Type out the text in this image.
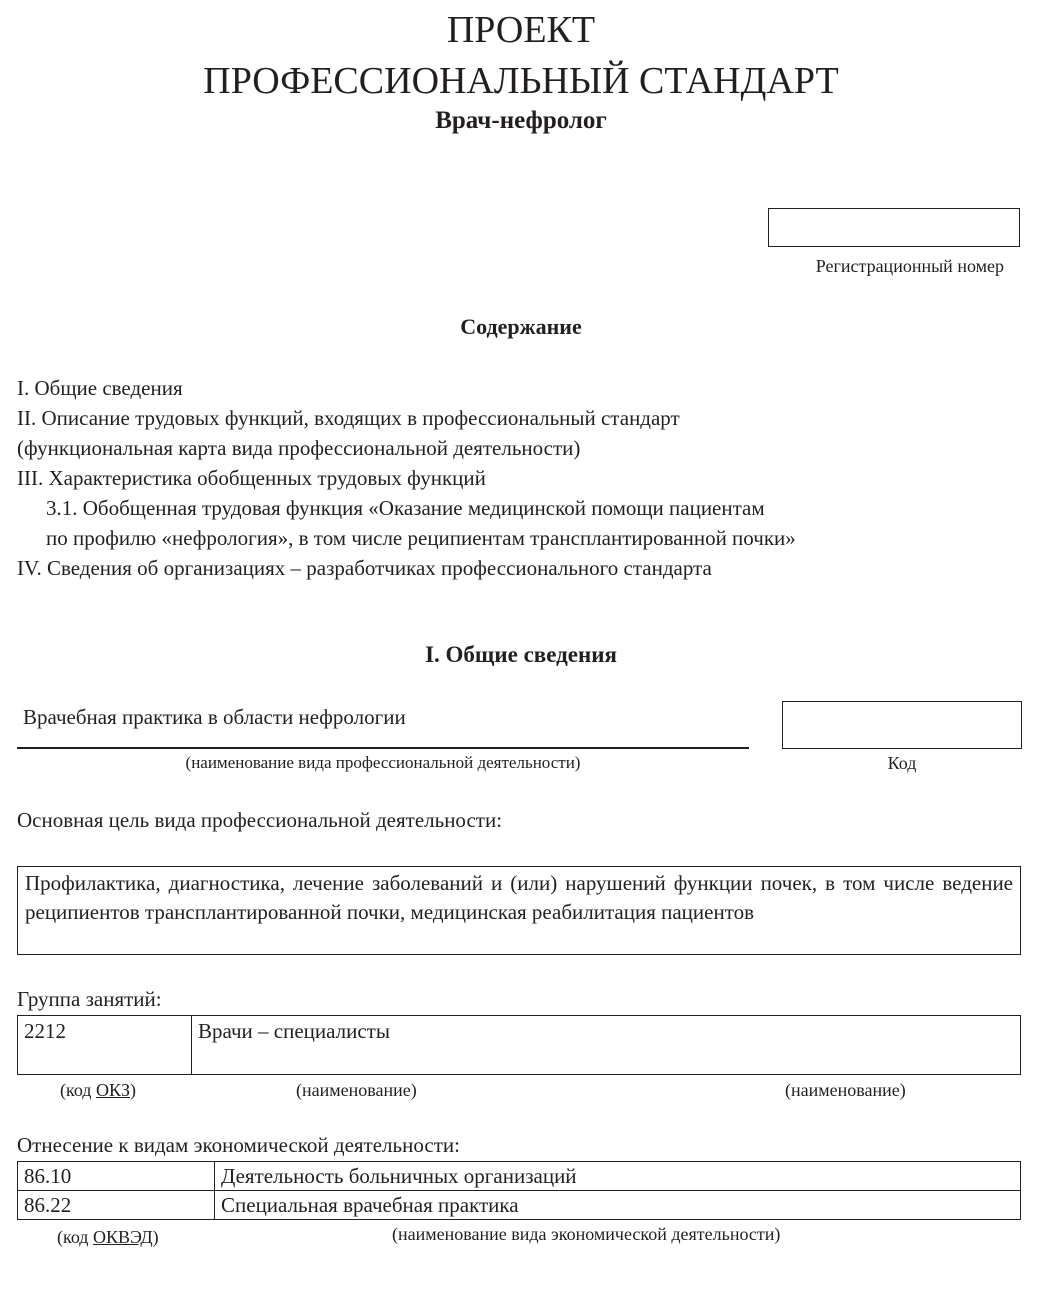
ПРОЕКТ
ПРОФЕССИОНАЛЬНЫЙ СТАНДАРТ
Врач-нефролог
Регистрационный номер
Содержание
I. Общие сведения
II. Описание трудовых функций, входящих в профессиональный стандарт
(функциональная карта вида профессиональной деятельности)
III. Характеристика обобщенных трудовых функций
3.1. Обобщенная трудовая функция «Оказание медицинской помощи пациентам
по профилю «нефрология», в том числе реципиентам трансплантированной почки»
IV. Сведения об организациях – разработчиках профессионального стандарта
I. Общие сведения
Врачебная практика в области нефрологии
(наименование вида профессиональной деятельности)	Код
Основная цель вида профессиональной деятельности:
Профилактика, диагностика, лечение заболеваний и (или) нарушений функции почек, в том числе ведение реципиентов трансплантированной почки, медицинская реабилитация пациентов
Группа занятий:
2212	Врачи – специалисты
(код ОКЗ)	(наименование)	(наименование)
Отнесение к видам экономической деятельности:
86.10	Деятельность больничных организаций
86.22	Специальная врачебная практика
(код ОКВЭД)	(наименование вида экономической деятельности)
